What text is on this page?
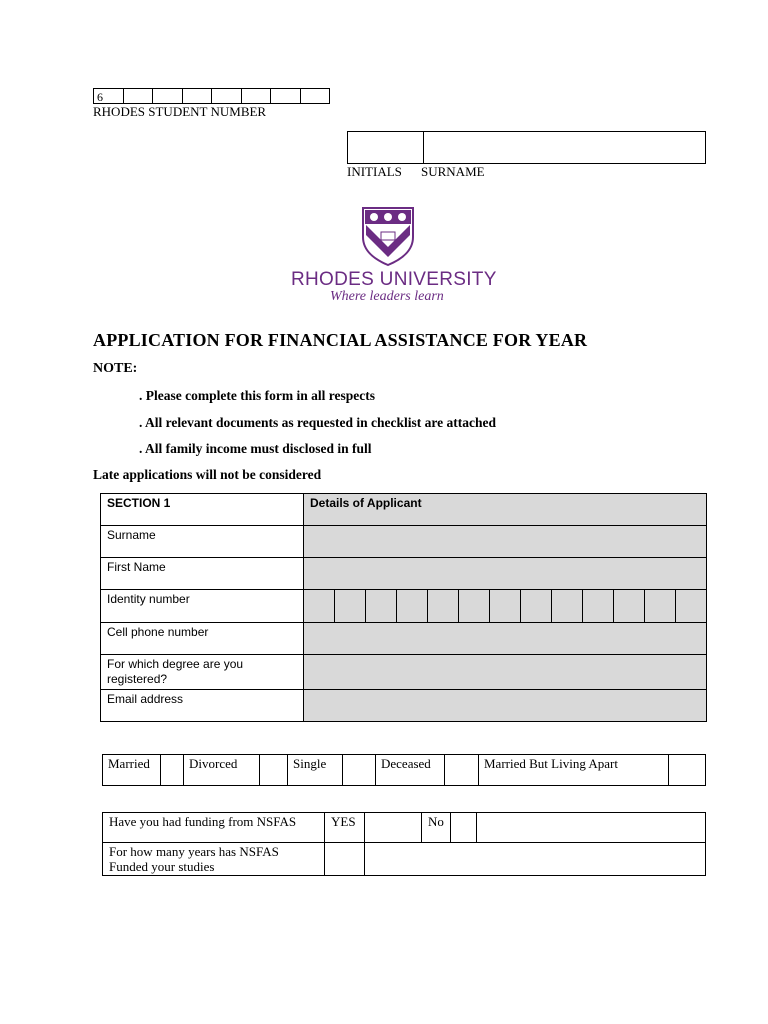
6
RHODES STUDENT NUMBER
INITIALS SURNAME
RHODES UNIVERSITY
Where leaders learn
APPLICATION FOR FINANCIAL ASSISTANCE FOR YEAR
NOTE:
. Please complete this form in all respects
. All relevant documents as requested in checklist are attached
. All family income must disclosed in full
Late applications will not be considered
SECTION 1	Details of Applicant
Surname	
First Name	
Identity number	

Cell phone number	
For which degree are you registered?	
Email address	
Married		Divorced		Single		Deceased		Married But Living Apart	
Have you had funding from NSFAS	YES		No		
For how many years has NSFAS Funded your studies					
